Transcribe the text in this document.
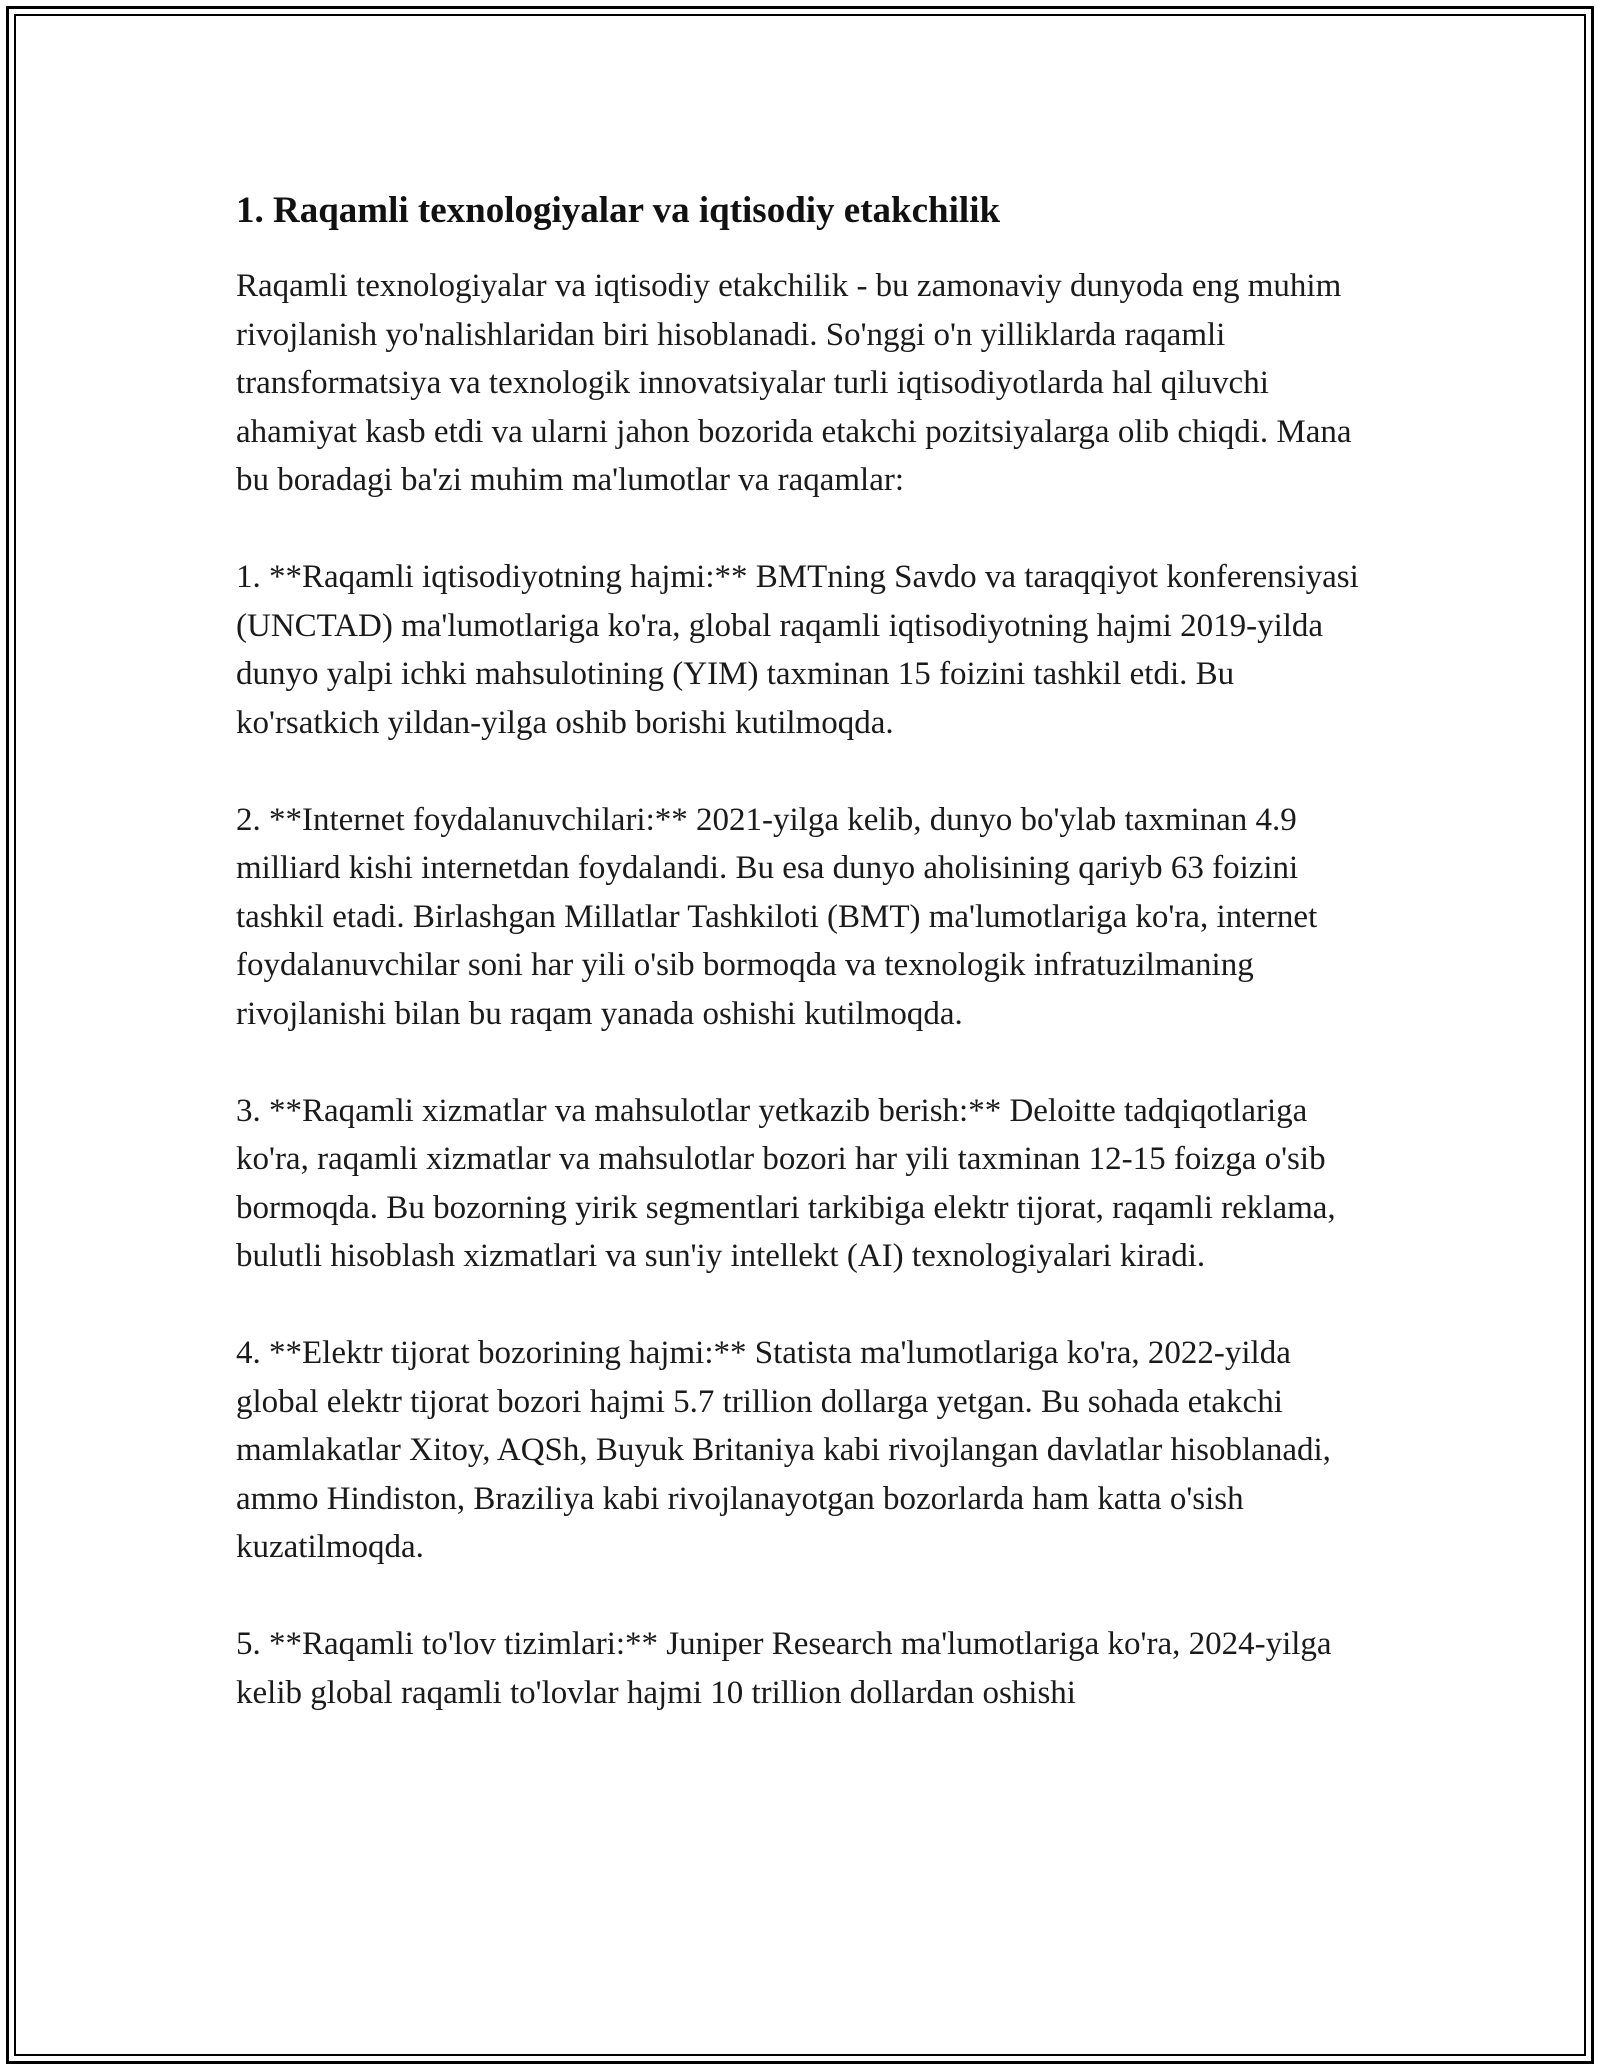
1. Raqamli texnologiyalar va iqtisodiy etakchilik

Raqamli texnologiyalar va iqtisodiy etakchilik - bu zamonaviy dunyoda eng muhim rivojlanish yo'nalishlaridan biri hisoblanadi. So'nggi o'n yilliklarda raqamli transformatsiya va texnologik innovatsiyalar turli iqtisodiyotlarda hal qiluvchi ahamiyat kasb etdi va ularni jahon bozorida etakchi pozitsiyalarga olib chiqdi. Mana bu boradagi ba'zi muhim ma'lumotlar va raqamlar:

1. **Raqamli iqtisodiyotning hajmi:** BMTning Savdo va taraqqiyot konferensiyasi (UNCTAD) ma'lumotlariga ko'ra, global raqamli iqtisodiyotning hajmi 2019-yilda dunyo yalpi ichki mahsulotining (YIM) taxminan 15 foizini tashkil etdi. Bu ko'rsatkich yildan-yilga oshib borishi kutilmoqda.

2. **Internet foydalanuvchilari:** 2021-yilga kelib, dunyo bo'ylab taxminan 4.9 milliard kishi internetdan foydalandi. Bu esa dunyo aholisining qariyb 63 foizini tashkil etadi. Birlashgan Millatlar Tashkiloti (BMT) ma'lumotlariga ko'ra, internet foydalanuvchilar soni har yili o'sib bormoqda va texnologik infratuzilmaning rivojlanishi bilan bu raqam yanada oshishi kutilmoqda.

3. **Raqamli xizmatlar va mahsulotlar yetkazib berish:** Deloitte tadqiqotlariga ko'ra, raqamli xizmatlar va mahsulotlar bozori har yili taxminan 12-15 foizga o'sib bormoqda. Bu bozorning yirik segmentlari tarkibiga elektr tijorat, raqamli reklama, bulutli hisoblash xizmatlari va sun'iy intellekt (AI) texnologiyalari kiradi.

4. **Elektr tijorat bozorining hajmi:** Statista ma'lumotlariga ko'ra, 2022-yilda global elektr tijorat bozori hajmi 5.7 trillion dollarga yetgan. Bu sohada etakchi mamlakatlar Xitoy, AQSh, Buyuk Britaniya kabi rivojlangan davlatlar hisoblanadi, ammo Hindiston, Braziliya kabi rivojlanayotgan bozorlarda ham katta o'sish kuzatilmoqda.

5. **Raqamli to'lov tizimlari:** Juniper Research ma'lumotlariga ko'ra, 2024-yilga kelib global raqamli to'lovlar hajmi 10 trillion dollardan oshishi
